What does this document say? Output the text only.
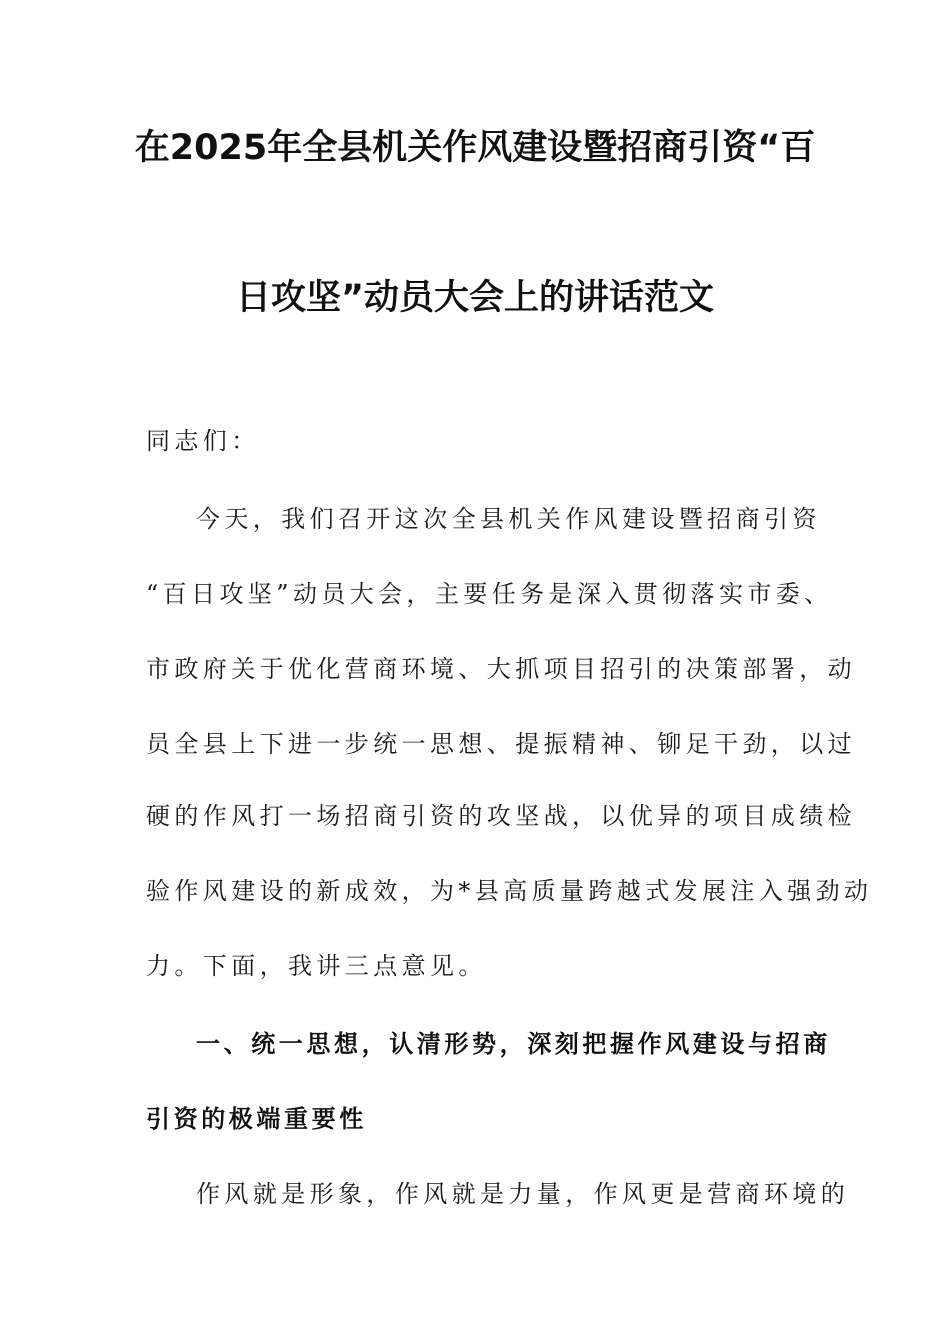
在2025年全县机关作风建设暨招商引资“百
日攻坚”动员大会上的讲话范文
同志们：
今天，我们召开这次全县机关作风建设暨招商引资
“百日攻坚”动员大会，主要任务是深入贯彻落实市委、
市政府关于优化营商环境、大抓项目招引的决策部署，动
员全县上下进一步统一思想、提振精神、铆足干劲，以过
硬的作风打一场招商引资的攻坚战，以优异的项目成绩检
验作风建设的新成效，为*县高质量跨越式发展注入强劲动
力。下面，我讲三点意见。
一、统一思想，认清形势，深刻把握作风建设与招商
引资的极端重要性
作风就是形象，作风就是力量，作风更是营商环境的
